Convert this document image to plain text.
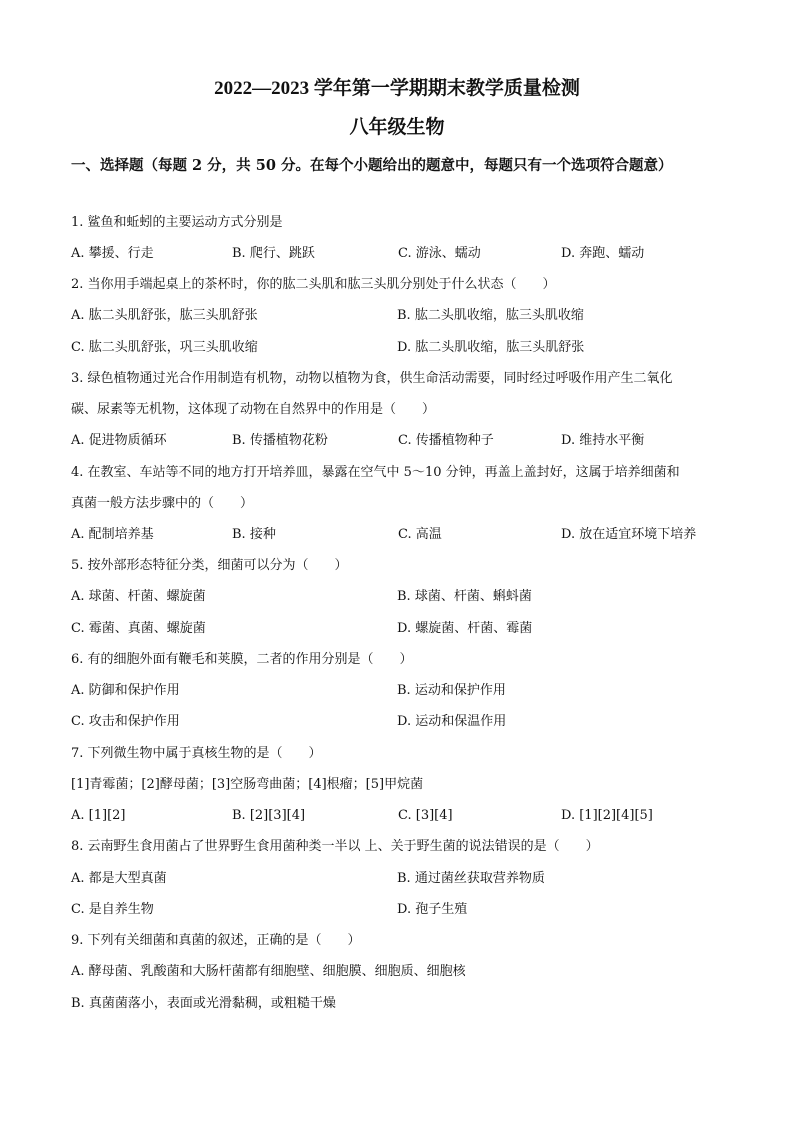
2022—2023 学年第一学期期末教学质量检测
八年级生物
一、选择题（每题 2 分，共 50 分。在每个小题给出的题意中，每题只有一个选项符合题意）
1. 鲨鱼和蚯蚓的主要运动方式分别是
A. 攀援、行走	B. 爬行、跳跃	C. 游泳、蠕动	D. 奔跑、蠕动
2. 当你用手端起桌上的茶杯时，你的肱二头肌和肱三头肌分别处于什么状态（　　）
A. 肱二头肌舒张，肱三头肌舒张	B. 肱二头肌收缩，肱三头肌收缩
C. 肱二头肌舒张，巩三头肌收缩	D. 肱二头肌收缩，肱三头肌舒张
3. 绿色植物通过光合作用制造有机物，动物以植物为食，供生命活动需要，同时经过呼吸作用产生二氧化
碳、尿素等无机物，这体现了动物在自然界中的作用是（　　）
A. 促进物质循环	B. 传播植物花粉	C. 传播植物种子	D. 维持水平衡
4. 在教室、车站等不同的地方打开培养皿，暴露在空气中 5～10 分钟，再盖上盖封好，这属于培养细菌和
真菌一般方法步骤中的（　　）
A. 配制培养基	B. 接种	C. 高温	D. 放在适宜环境下培养
5. 按外部形态特征分类，细菌可以分为（　　）
A. 球菌、杆菌、螺旋菌	B. 球菌、杆菌、蝌蚪菌
C. 霉菌、真菌、螺旋菌	D. 螺旋菌、杆菌、霉菌
6. 有的细胞外面有鞭毛和荚膜，二者的作用分别是（　　）
A. 防御和保护作用	B. 运动和保护作用
C. 攻击和保护作用	D. 运动和保温作用
7. 下列微生物中属于真核生物的是（　　）
[1]青霉菌；[2]酵母菌；[3]空肠弯曲菌；[4]根瘤；[5]甲烷菌
A. [1][2]	B. [2][3][4]	C. [3][4]	D. [1][2][4][5]
8. 云南野生食用菌占了世界野生食用菌种类一半以 上、关于野生菌的说法错误的是（　　）
A. 都是大型真菌	B. 通过菌丝获取营养物质
C. 是自养生物	D. 孢子生殖
9. 下列有关细菌和真菌的叙述，正确的是（　　）
A. 酵母菌、乳酸菌和大肠杆菌都有细胞壁、细胞膜、细胞质、细胞核
B. 真菌菌落小，表面或光滑黏稠，或粗糙干燥
